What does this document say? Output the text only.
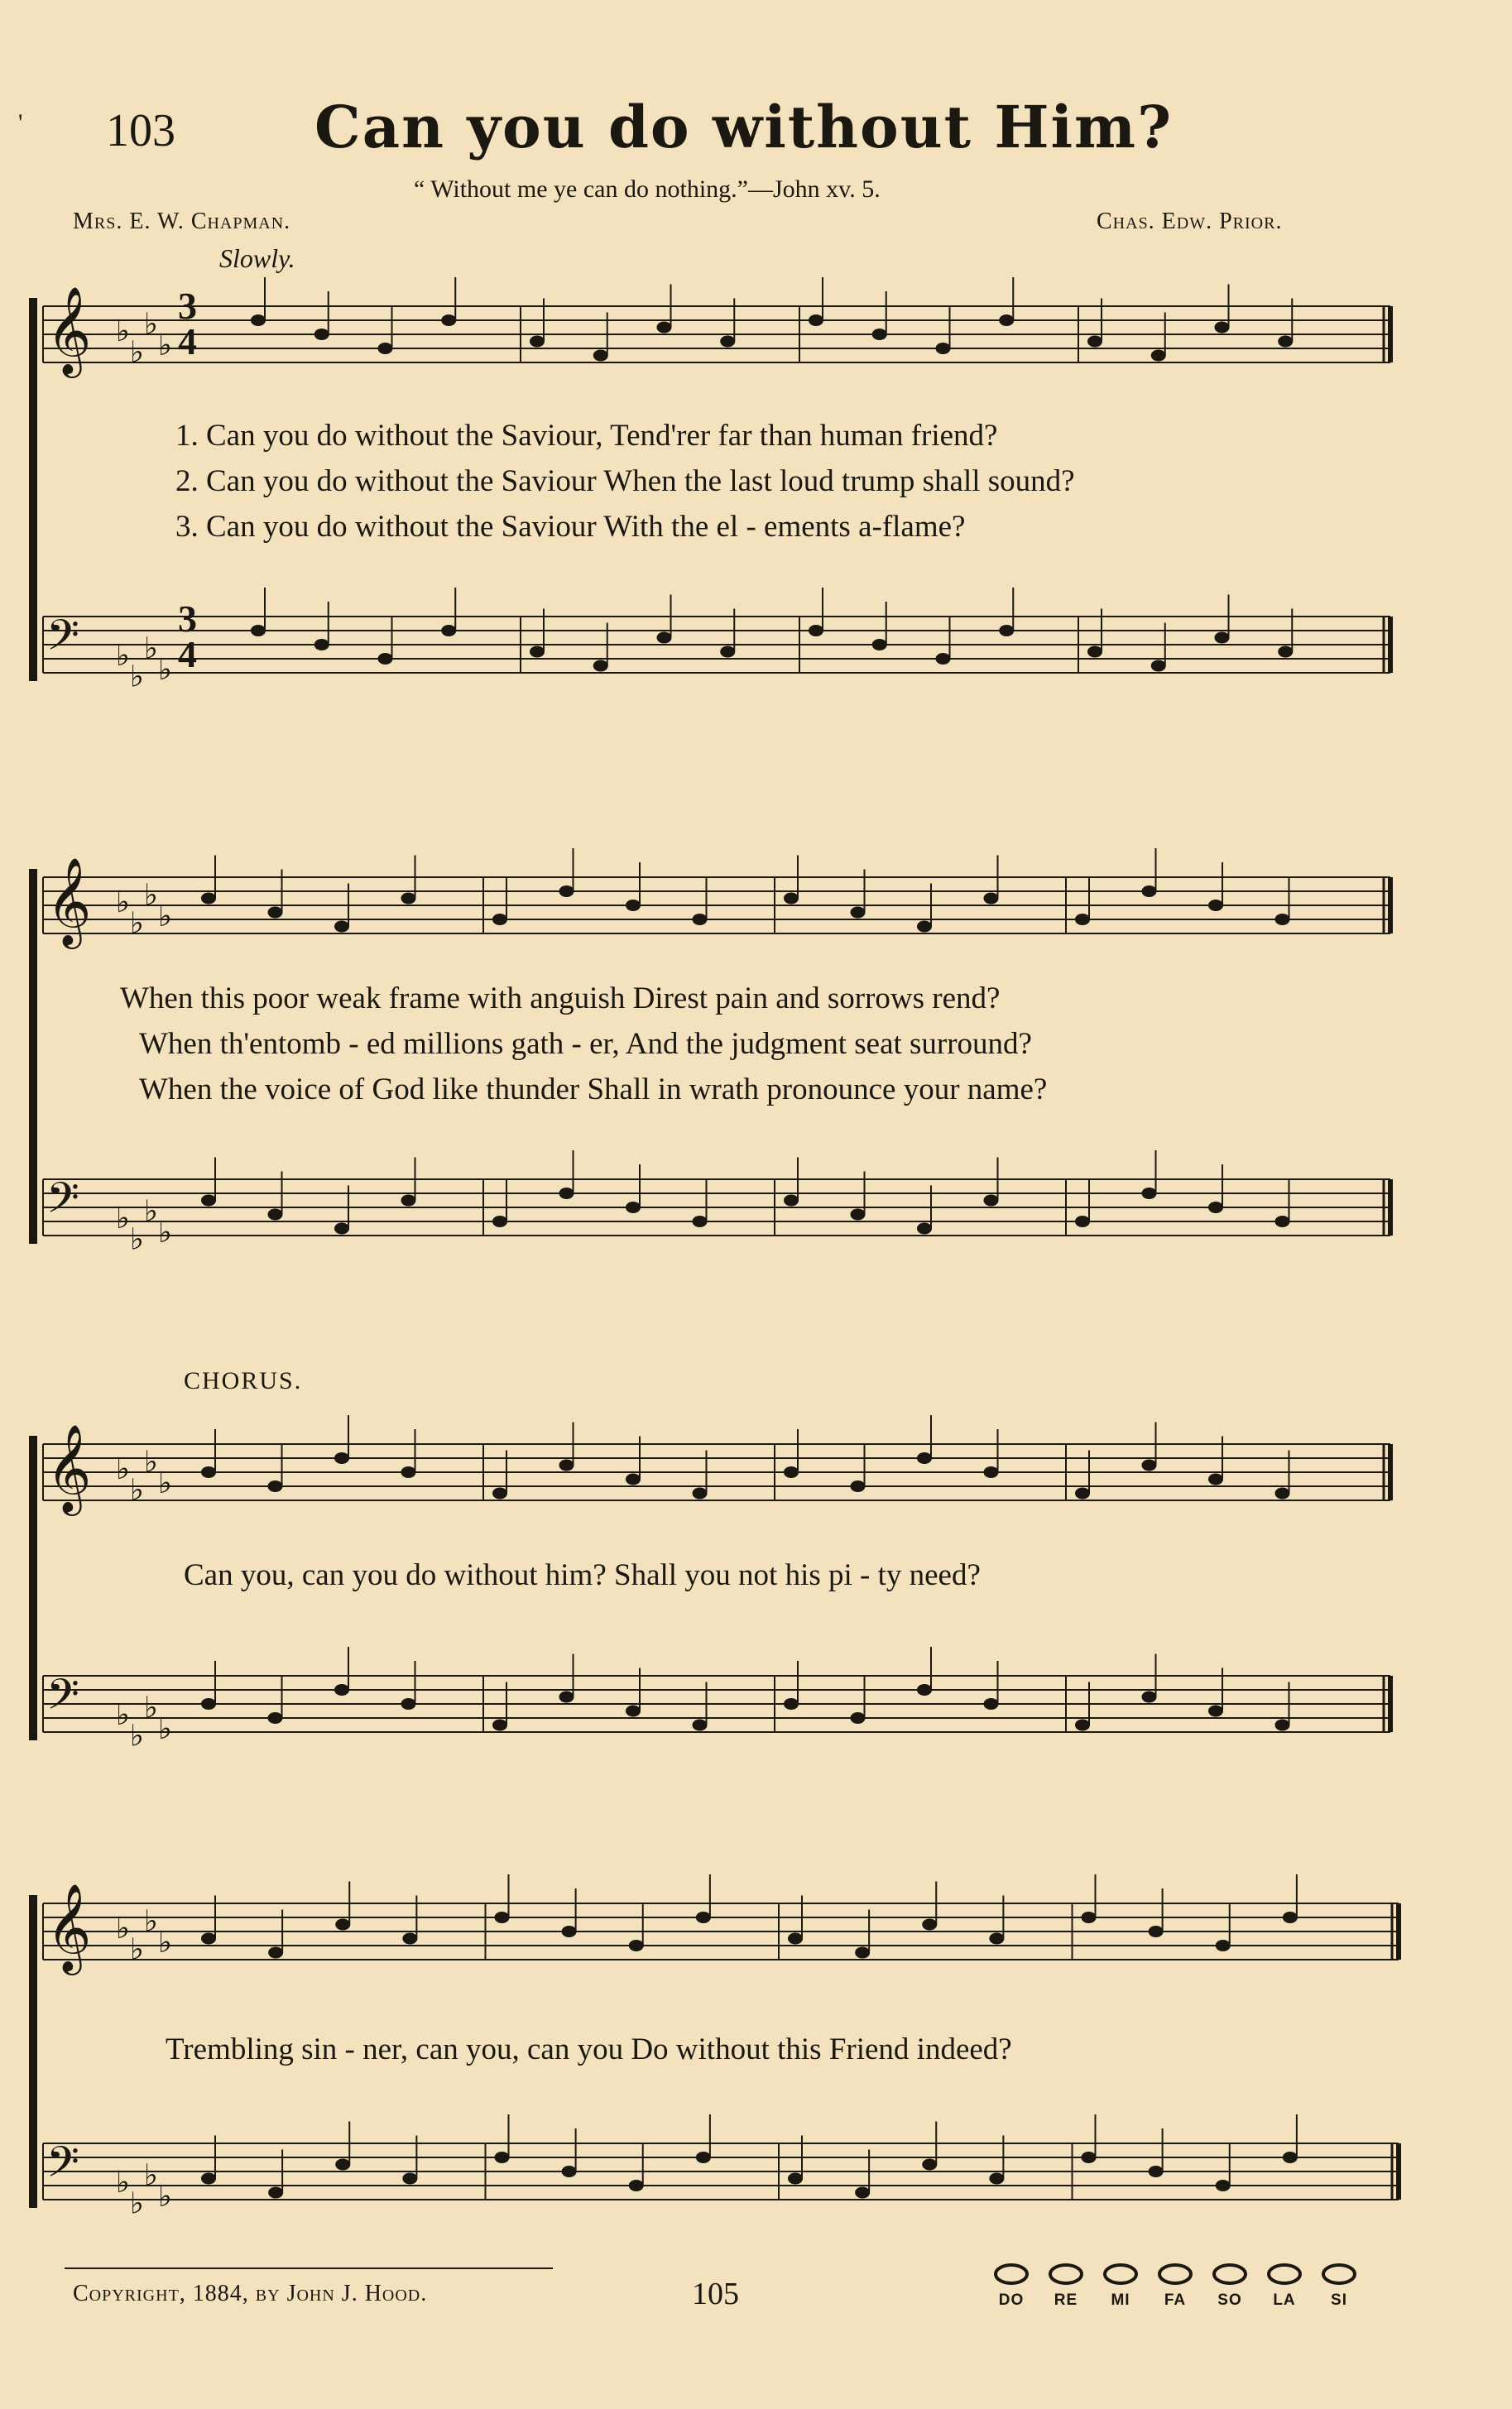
' 103 Can you do without Him?
“ Without me ye can do nothing.”—John xv. 5.
Mrs. E. W. Chapman.	Chas. Edw. Prior.
Slowly.
CHORUS.
𝄞 ♭
♭
♭
♭
𝄢 ♭
♭
♭
♭
𝄞 ♭
♭
♭
♭
𝄢 ♭
♭
♭
♭
𝄞 ♭
♭
♭
♭
𝄢 ♭
♭
♭
♭
𝄞 ♭
♭
♭
♭
𝄢 ♭
♭
♭
♭
3
4
3
4
1. Can you do without the Saviour, Tend'rer far than human friend?
2. Can you do without the Saviour When the last loud trump shall sound?
3. Can you do without the Saviour With the el - ements a-flame?
When this poor weak frame with anguish Direst pain and sorrows rend?
When th'entomb - ed millions gath - er, And the judgment seat surround?
When the voice of God like thunder Shall in wrath pronounce your name?
Can you, can you do without him? Shall you not his pi - ty need?
Trembling sin - ner, can you, can you Do without this Friend indeed?
Copyright, 1884, by John J. Hood.	105	DO	RE	MI	FA	SO	LA	SI
